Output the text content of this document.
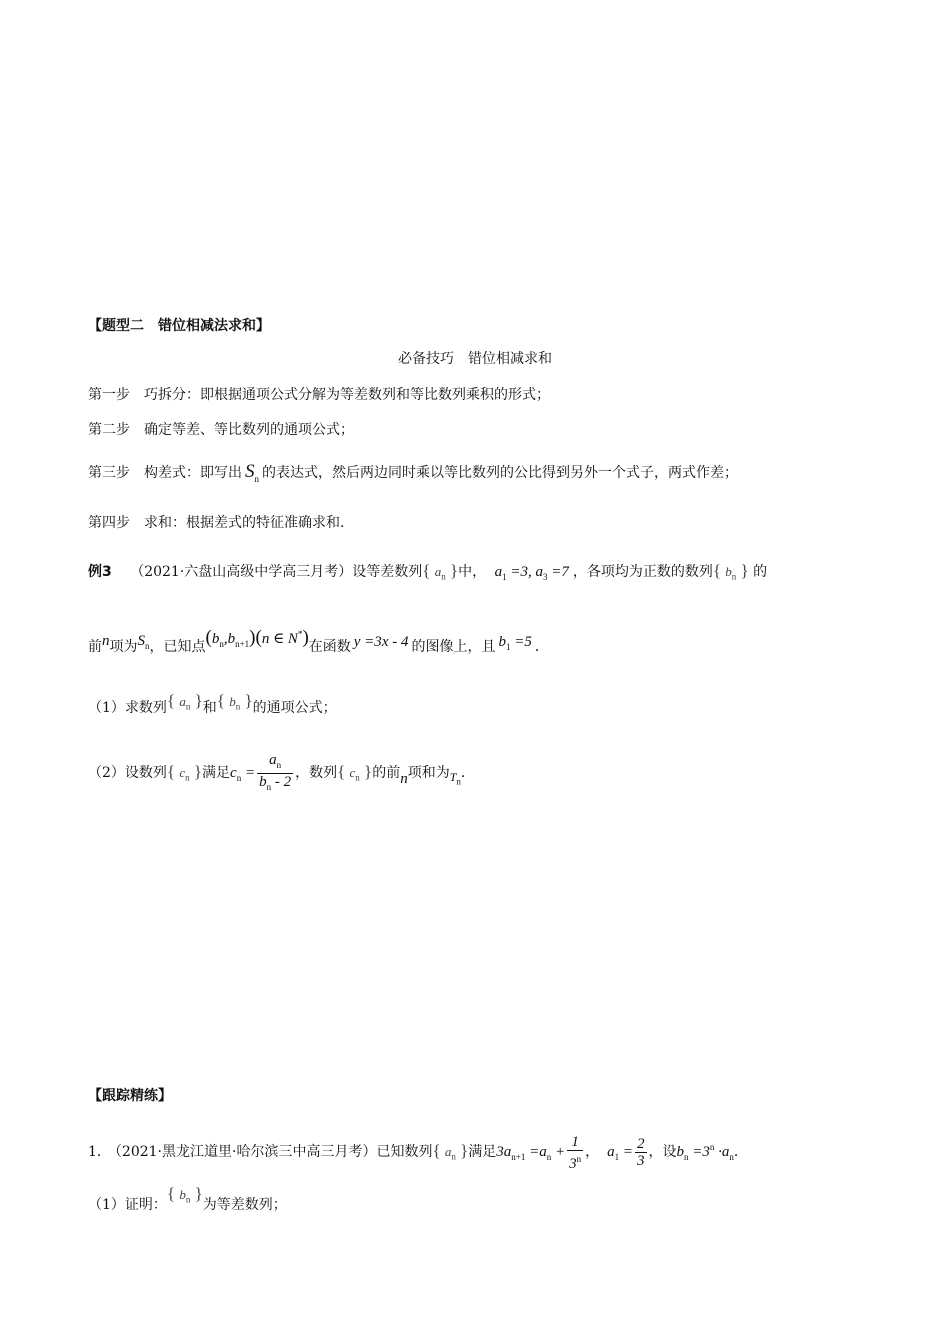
【题型二　错位相减法求和】
必备技巧　错位相减求和
第一步　巧拆分：即根据通项公式分解为等差数列和等比数列乘积的形式；
第二步　确定等差、等比数列的通项公式；
第三步　构差式：即写出 $S_n$ 的表达式，然后两边同时乘以等比数列的公比得到另外一个式子，两式作差；
第四步　求和：根据差式的特征准确求和.
例3 （2021·六盘山高级中学高三月考）设等差数列{ $a_n$ }中， $a_1 =3$, $a_3 =7$ ，各项均为正数的数列{ $b_n$ } 的
前n项为$S_n$，已知点$(b_n,b_{n+1})(n$ ∈ N*)在函数 y =3x - 4 的图像上，且 $b_1 =5$ ．
（1）求数列{ $a_n$ }和{ $b_n$ }的通项公式；
（2）设数列{ $c_n$ }满足$c_n = \frac{a_n}{b_n - 2}$ ，数列{ $c_n$ }的前n项和为$T_n$．
【跟踪精练】
1． （2021·黑龙江道里·哈尔滨三中高三月考）已知数列{ $a_n$ }满足$3a_{n+1} =a_n + \frac{1}{3^n}$ ， $a_1 = \frac{2}{3}$ ，设$b_n =3^n \cdot a_n$．
（1）证明：{ $b_n$ }为等差数列；
